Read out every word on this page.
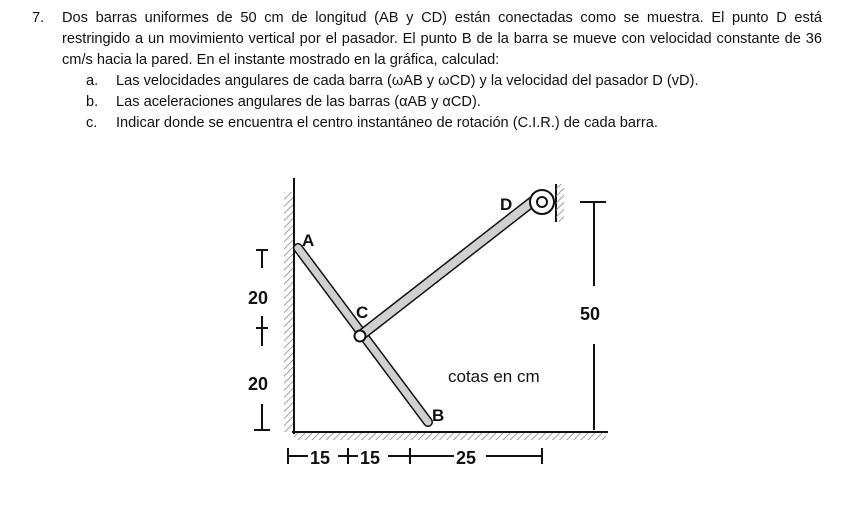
7. Dos barras uniformes de 50 cm de longitud (AB y CD) están conectadas como se muestra. El punto D está restringido a un movimiento vertical por el pasador. El punto B de la barra se mueve con velocidad constante de 36 cm/s hacia la pared. En el instante mostrado en la gráfica, calculad:
a. Las velocidades angulares de cada barra (ωAB y ωCD) y la velocidad del pasador D (vD).
b. Las aceleraciones angulares de las barras (αAB y αCD).
c. Indicar donde se encuentra el centro instantáneo de rotación (C.I.R.) de cada barra.
A
B
C
D
20
20
50
cotas en cm
15 15	25
